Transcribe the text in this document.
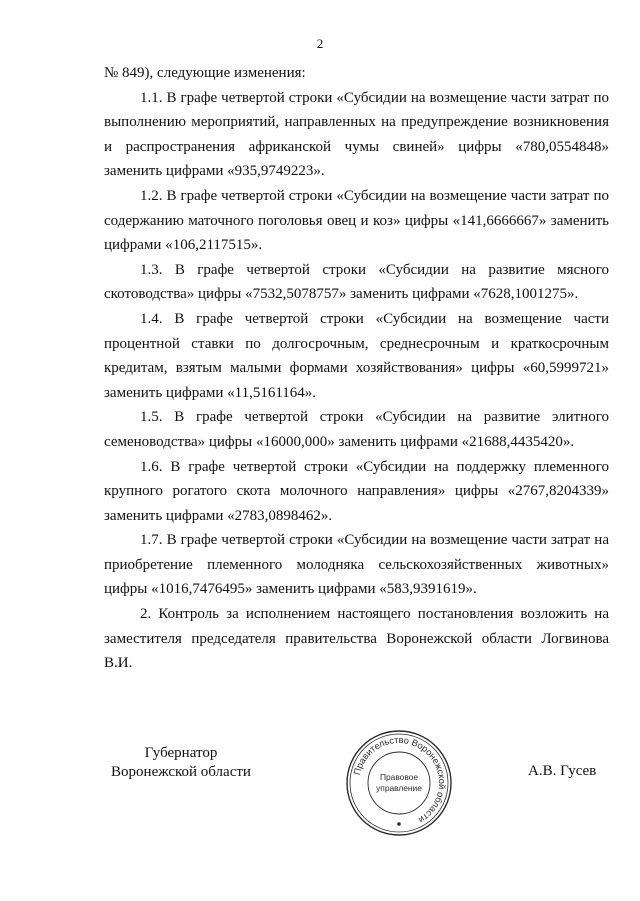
2

№ 849), следующие изменения:

1.1. В графе четвертой строки «Субсидии на возмещение части затрат по выполнению мероприятий, направленных на предупреждение возникновения и распространения африканской чумы свиней» цифры «780,0554848» заменить цифрами «935,9749223».

1.2. В графе четвертой строки «Субсидии на возмещение части затрат по содержанию маточного поголовья овец и коз» цифры «141,6666667» заменить цифрами «106,2117515».

1.3. В графе четвертой строки «Субсидии на развитие мясного скотоводства» цифры «7532,5078757» заменить цифрами «7628,1001275».

1.4. В графе четвертой строки «Субсидии на возмещение части процентной ставки по долгосрочным, среднесрочным и краткосрочным кредитам, взятым малыми формами хозяйствования» цифры «60,5999721» заменить цифрами «11,5161164».

1.5. В графе четвертой строки «Субсидии на развитие элитного семеноводства» цифры «16000,000» заменить цифрами «21688,4435420».

1.6. В графе четвертой строки «Субсидии на поддержку племенного крупного рогатого скота молочного направления» цифры «2767,8204339» заменить цифрами «2783,0898462».

1.7. В графе четвертой строки «Субсидии на возмещение части затрат на приобретение племенного молодняка сельскохозяйственных животных» цифры «1016,7476495» заменить цифрами «583,9391619».

2. Контроль за исполнением настоящего постановления возложить на заместителя председателя правительства Воронежской области Логвинова В.И.

Губернатор
Воронежской области	Правительство Воронежской области
Правовое
управление
А.В. Гусев
